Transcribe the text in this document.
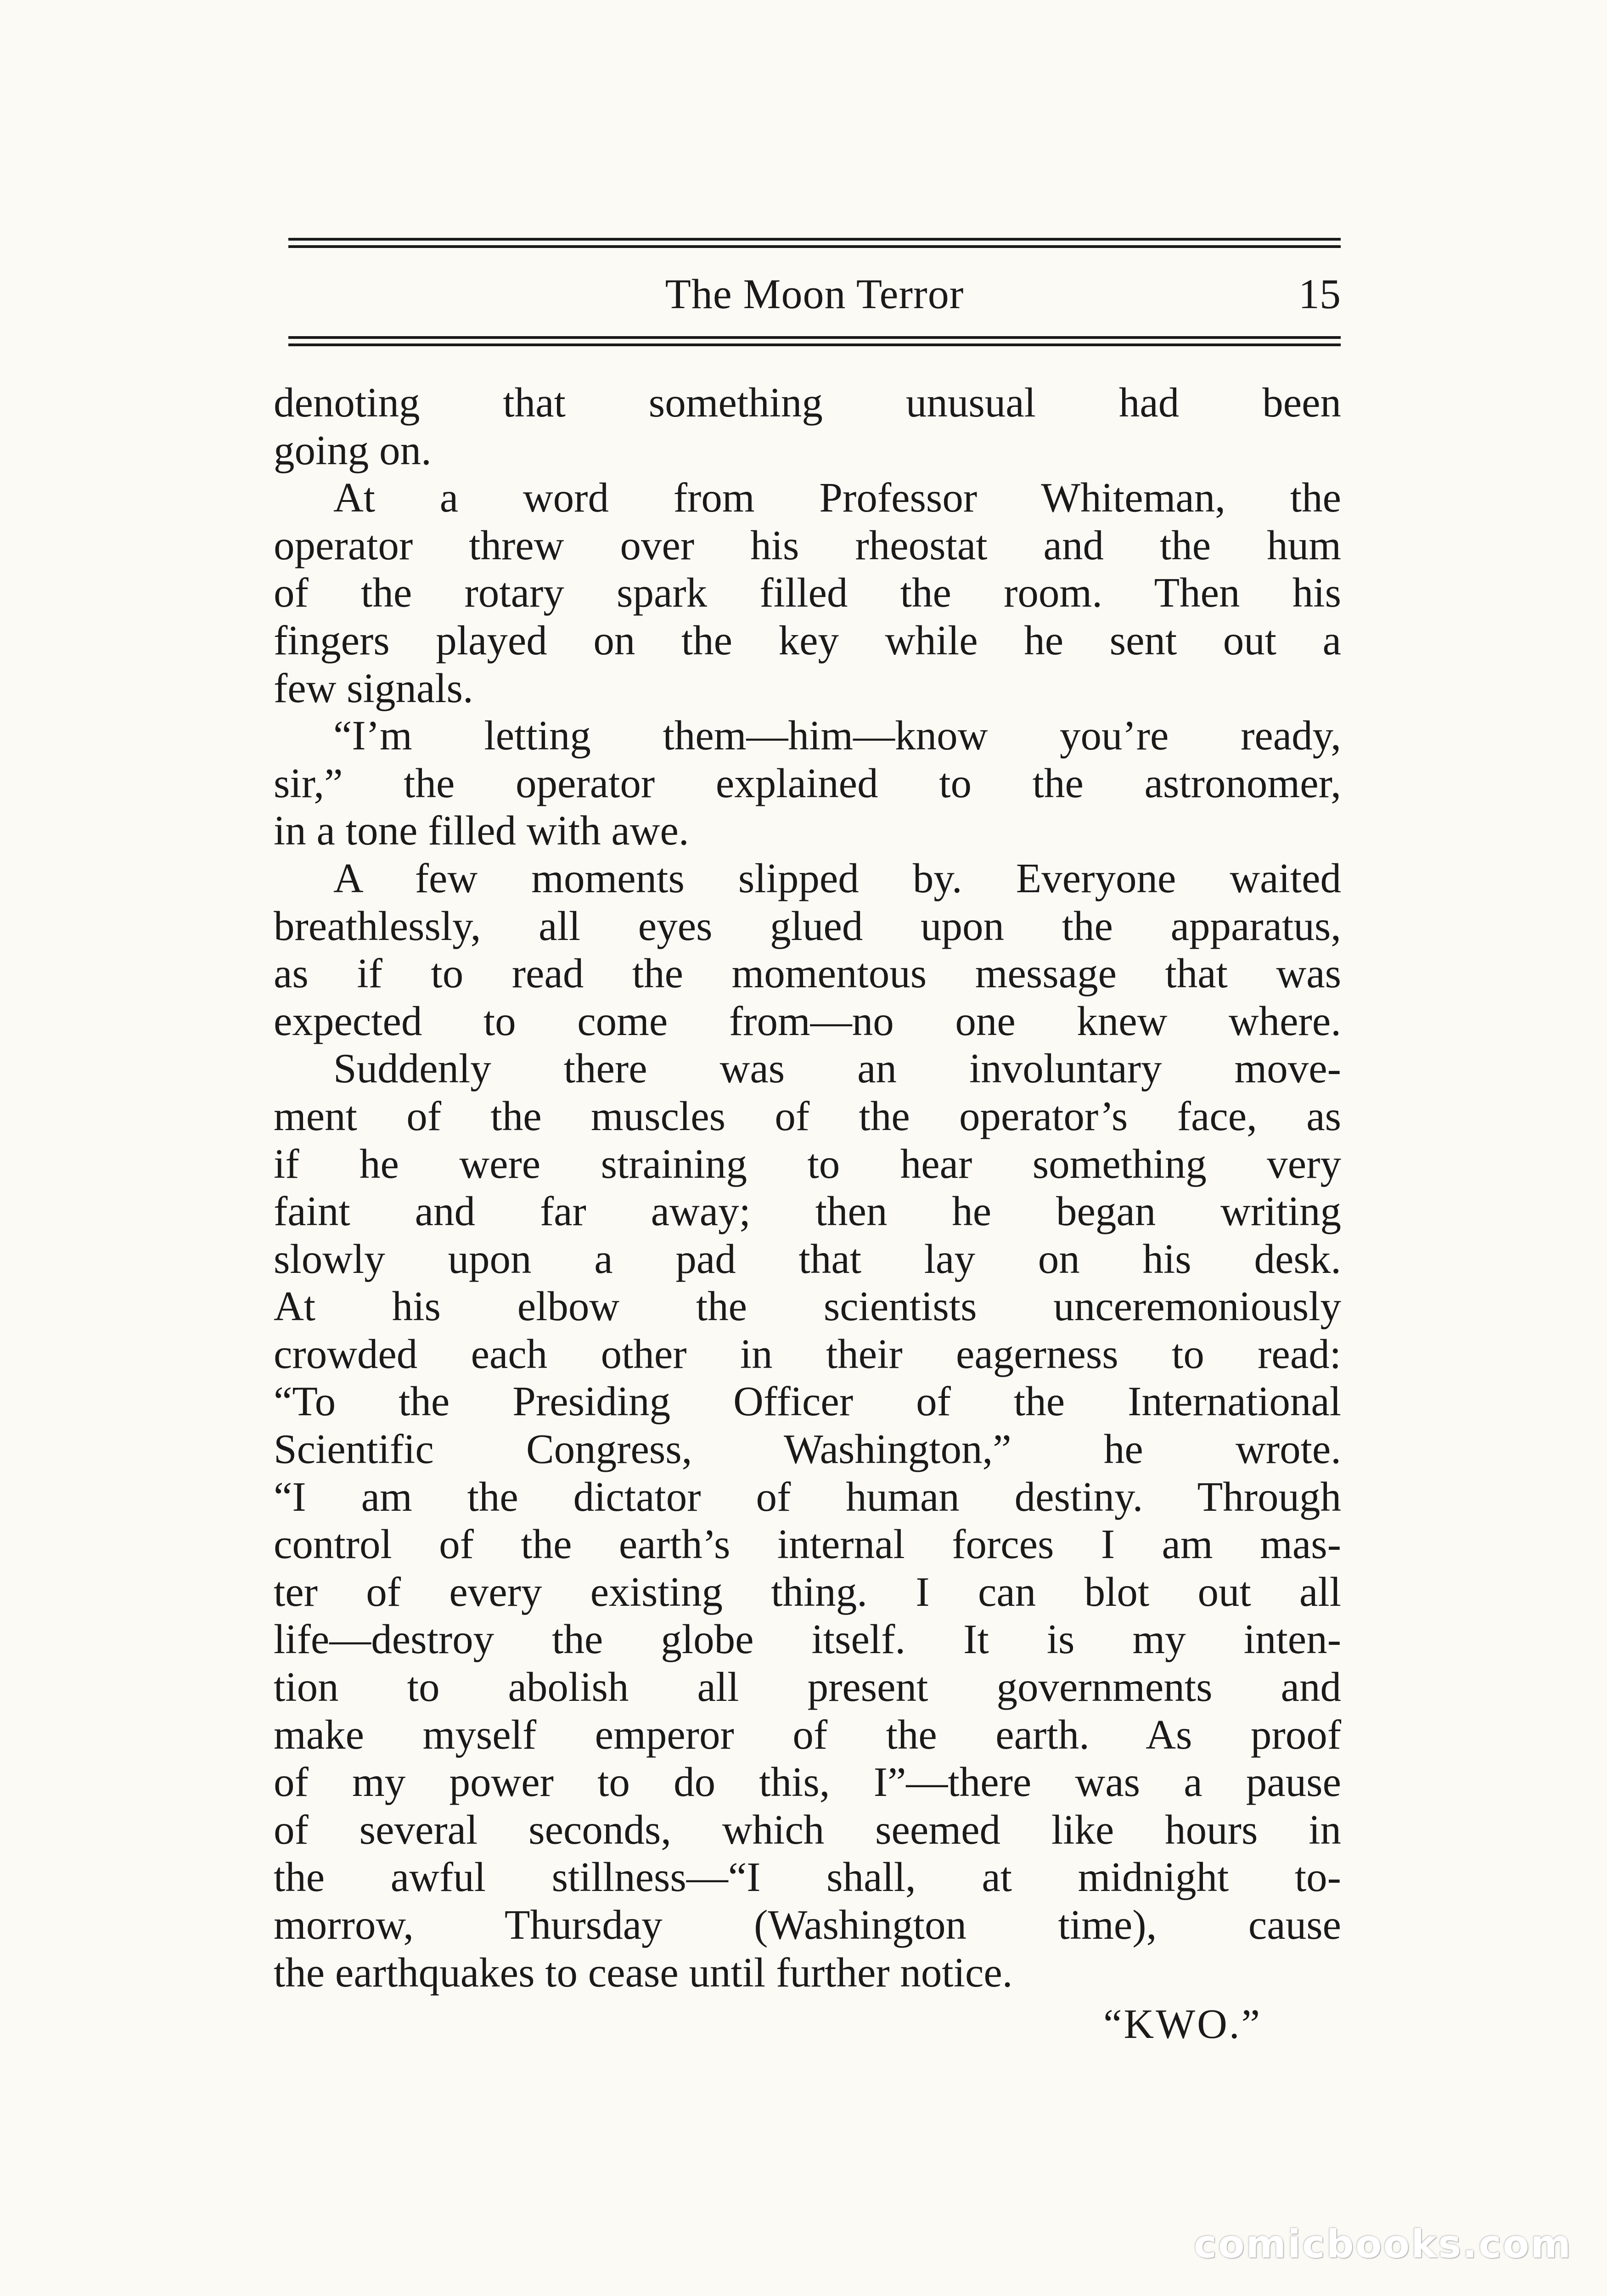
The Moon Terror	15
denoting that something unusual had been
going on.
At a word from Professor Whiteman, the
operator threw over his rheostat and the hum
of the rotary spark filled the room. Then his
fingers played on the key while he sent out a
few signals.
“I’m letting them—him—know you’re ready,
sir,” the operator explained to the astronomer,
in a tone filled with awe.
A few moments slipped by. Everyone waited
breathlessly, all eyes glued upon the apparatus,
as if to read the momentous message that was
expected to come from—no one knew where.
Suddenly there was an involuntary move-
ment of the muscles of the operator’s face, as
if he were straining to hear something very
faint and far away; then he began writing
slowly upon a pad that lay on his desk.
At his elbow the scientists unceremoniously
crowded each other in their eagerness to read:
“To the Presiding Officer of the International
Scientific Congress, Washington,” he wrote.
“I am the dictator of human destiny. Through
control of the earth’s internal forces I am mas-
ter of every existing thing. I can blot out all
life—destroy the globe itself. It is my inten-
tion to abolish all present governments and
make myself emperor of the earth. As proof
of my power to do this, I”—there was a pause
of several seconds, which seemed like hours in
the awful stillness—“I shall, at midnight to-
morrow, Thursday (Washington time), cause
the earthquakes to cease until further notice.
“KWO.”
comicbooks.com
